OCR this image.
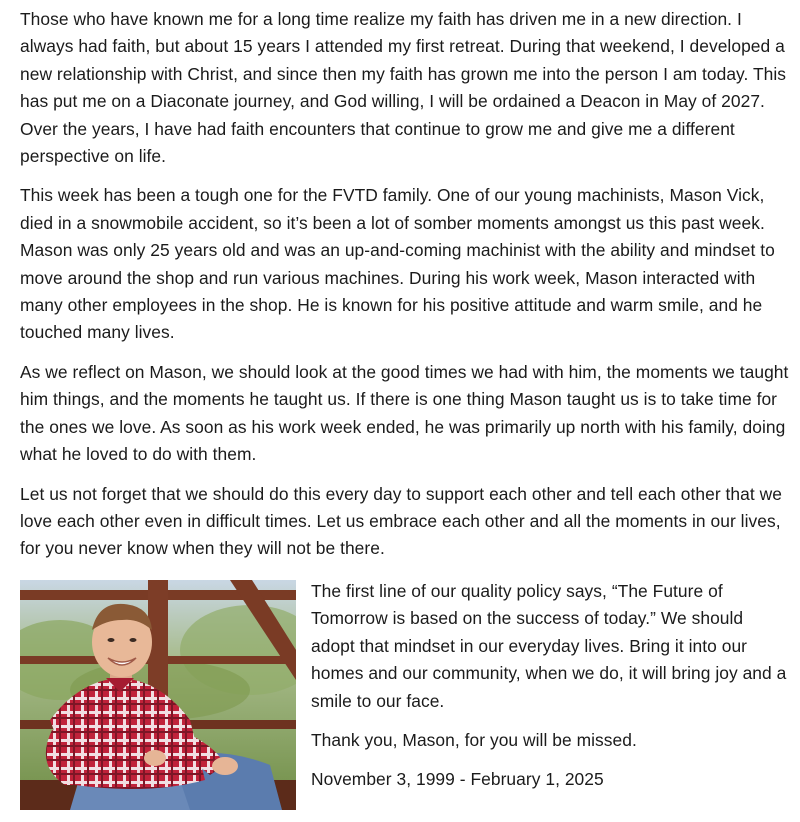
Those who have known me for a long time realize my faith has driven me in a new direction. I always had faith, but about 15 years I attended my first retreat. During that weekend, I developed a new relationship with Christ, and since then my faith has grown me into the person I am today. This has put me on a Diaconate journey, and God willing, I will be ordained a Deacon in May of 2027. Over the years, I have had faith encounters that continue to grow me and give me a different perspective on life.

This week has been a tough one for the FVTD family. One of our young machinists, Mason Vick, died in a snowmobile accident, so it’s been a lot of somber moments amongst us this past week. Mason was only 25 years old and was an up-and-coming machinist with the ability and mindset to move around the shop and run various machines. During his work week, Mason interacted with many other employees in the shop. He is known for his positive attitude and warm smile, and he touched many lives.

As we reflect on Mason, we should look at the good times we had with him, the moments we taught him things, and the moments he taught us. If there is one thing Mason taught us is to take time for the ones we love. As soon as his work week ended, he was primarily up north with his family, doing what he loved to do with them.

Let us not forget that we should do this every day to support each other and tell each other that we love each other even in difficult times. Let us embrace each other and all the moments in our lives, for you never know when they will not be there.

The first line of our quality policy says, “The Future of Tomorrow is based on the success of today.” We should adopt that mindset in our everyday lives. Bring it into our homes and our community, when we do, it will bring joy and a smile to our face.

Thank you, Mason, for you will be missed.

November 3, 1999 - February 1, 2025
